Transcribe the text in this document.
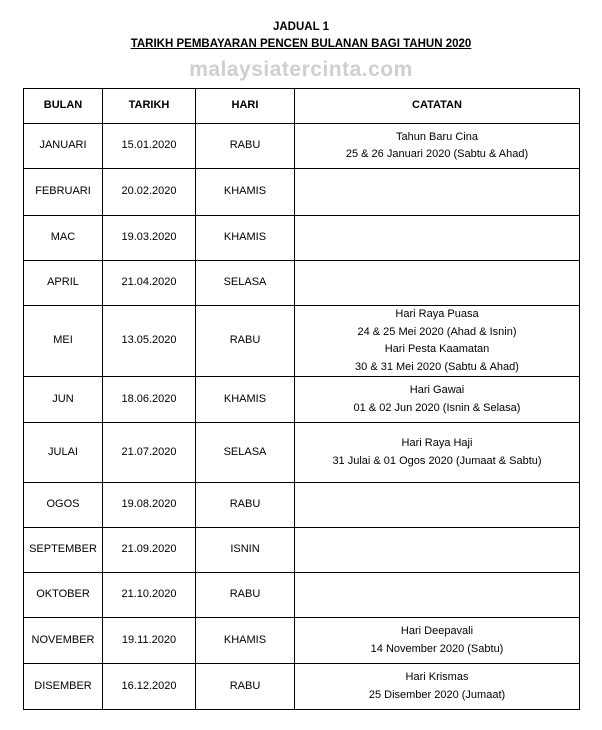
JADUAL 1
TARIKH PEMBAYARAN PENCEN BULANAN BAGI TAHUN 2020
malaysiatercinta.com
BULAN	TARIKH	HARI	CATATAN
JANUARI	15.01.2020	RABU	Tahun Baru Cina
25 & 26 Januari 2020 (Sabtu & Ahad)

FEBRUARI	20.02.2020	KHAMIS	
MAC	19.03.2020	KHAMIS	
APRIL	21.04.2020	SELASA	
MEI	13.05.2020	RABU	Hari Raya Puasa
24 & 25 Mei 2020 (Ahad & Isnin)
Hari Pesta Kaamatan
30 & 31 Mei 2020 (Sabtu & Ahad)

JUN	18.06.2020	KHAMIS	Hari Gawai
01 & 02 Jun 2020 (Isnin & Selasa)

JULAI	21.07.2020	SELASA	Hari Raya Haji
31 Julai & 01 Ogos 2020 (Jumaat & Sabtu)

OGOS	19.08.2020	RABU	
SEPTEMBER	21.09.2020	ISNIN	
OKTOBER	21.10.2020	RABU	
NOVEMBER	19.11.2020	KHAMIS	Hari Deepavali
14 November 2020 (Sabtu)

DISEMBER	16.12.2020	RABU	Hari Krismas
25 Disember 2020 (Jumaat)
